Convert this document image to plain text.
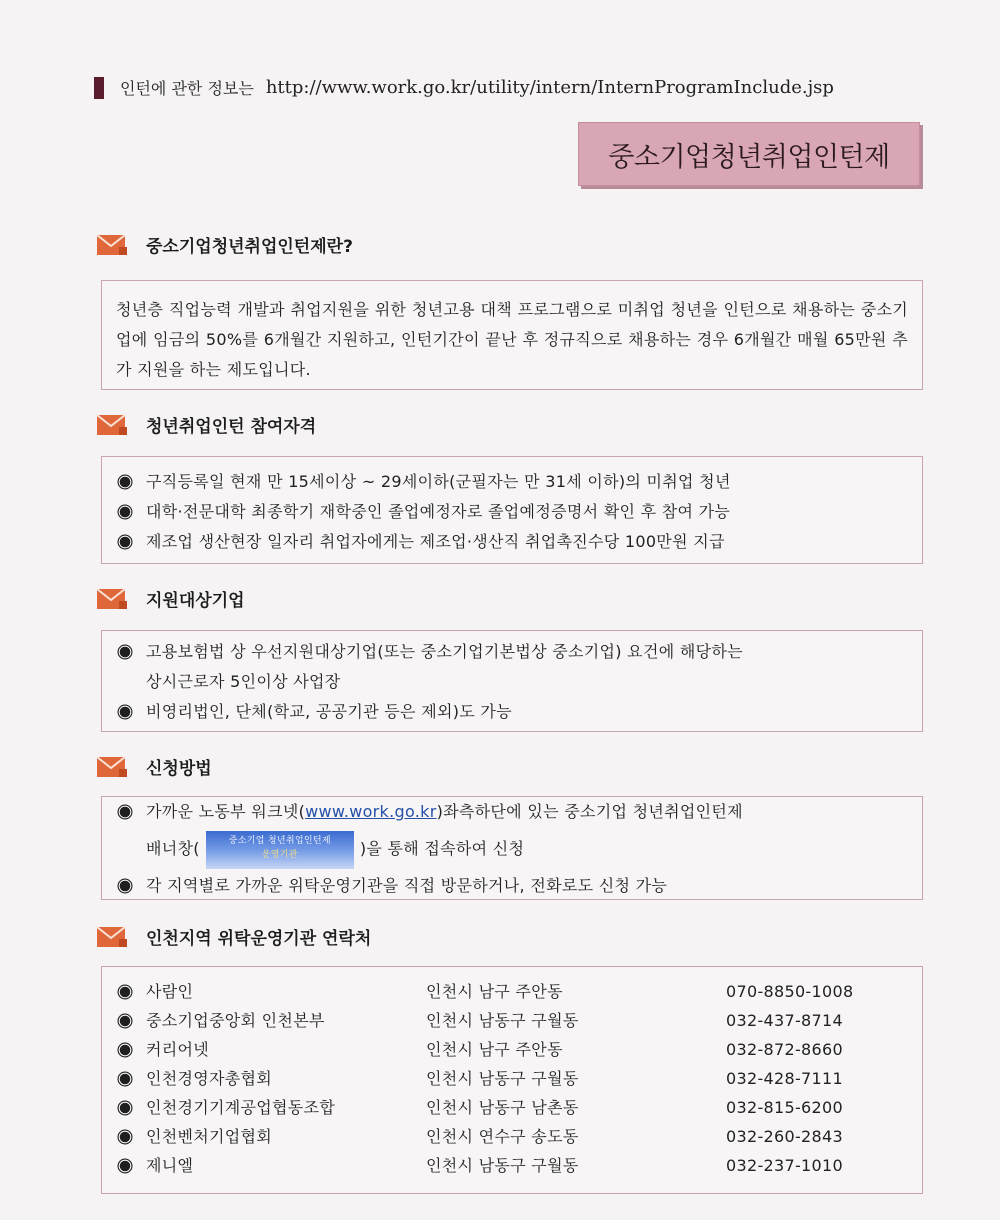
인턴에 관한 정보는 http://www.work.go.kr/utility/intern/InternProgramInclude.jsp
중소기업청년취업인턴제
중소기업청년취업인턴제란?
청년층 직업능력 개발과 취업지원을 위한 청년고용 대책 프로그램으로 미취업 청년을 인턴으로 채용하는 중소기업에 임금의 50%를 6개월간 지원하고, 인턴기간이 끝난 후 정규직으로 채용하는 경우 6개월간 매월 65만원 추가 지원을 하는 제도입니다.
청년취업인턴 참여자격
구직등록일 현재 만 15세이상 ~ 29세이하(군필자는 만 31세 이하)의 미취업 청년
대학·전문대학 최종학기 재학중인 졸업예정자로 졸업예정증명서 확인 후 참여 가능
제조업 생산현장 일자리 취업자에게는 제조업·생산직 취업촉진수당 100만원 지급
지원대상기업
고용보험법 상 우선지원대상기업(또는 중소기업기본법상 중소기업) 요건에 해당하는
상시근로자 5인이상 사업장
비영리법인, 단체(학교, 공공기관 등은 제외)도 가능
신청방법
가까운 노동부 워크넷(www.work.go.kr)좌측하단에 있는 중소기업 청년취업인턴제
배너창(	중소기업 청년취업인턴제
운영기관	)을 통해 접속하여 신청
각 지역별로 가까운 위탁운영기관을 직접 방문하거나, 전화로도 신청 가능
인천지역 위탁운영기관 연락처
사람인	인천시 남구 주안동	070-8850-1008

중소기업중앙회 인천본부	인천시 남동구 구월동	032-437-8714

커리어넷	인천시 남구 주안동	032-872-8660

인천경영자총협회	인천시 남동구 구월동	032-428-7111

인천경기기계공업협동조합	인천시 남동구 남촌동	032-815-6200

인천벤처기업협회	인천시 연수구 송도동	032-260-2843

제니엘	인천시 남동구 구월동	032-237-1010
